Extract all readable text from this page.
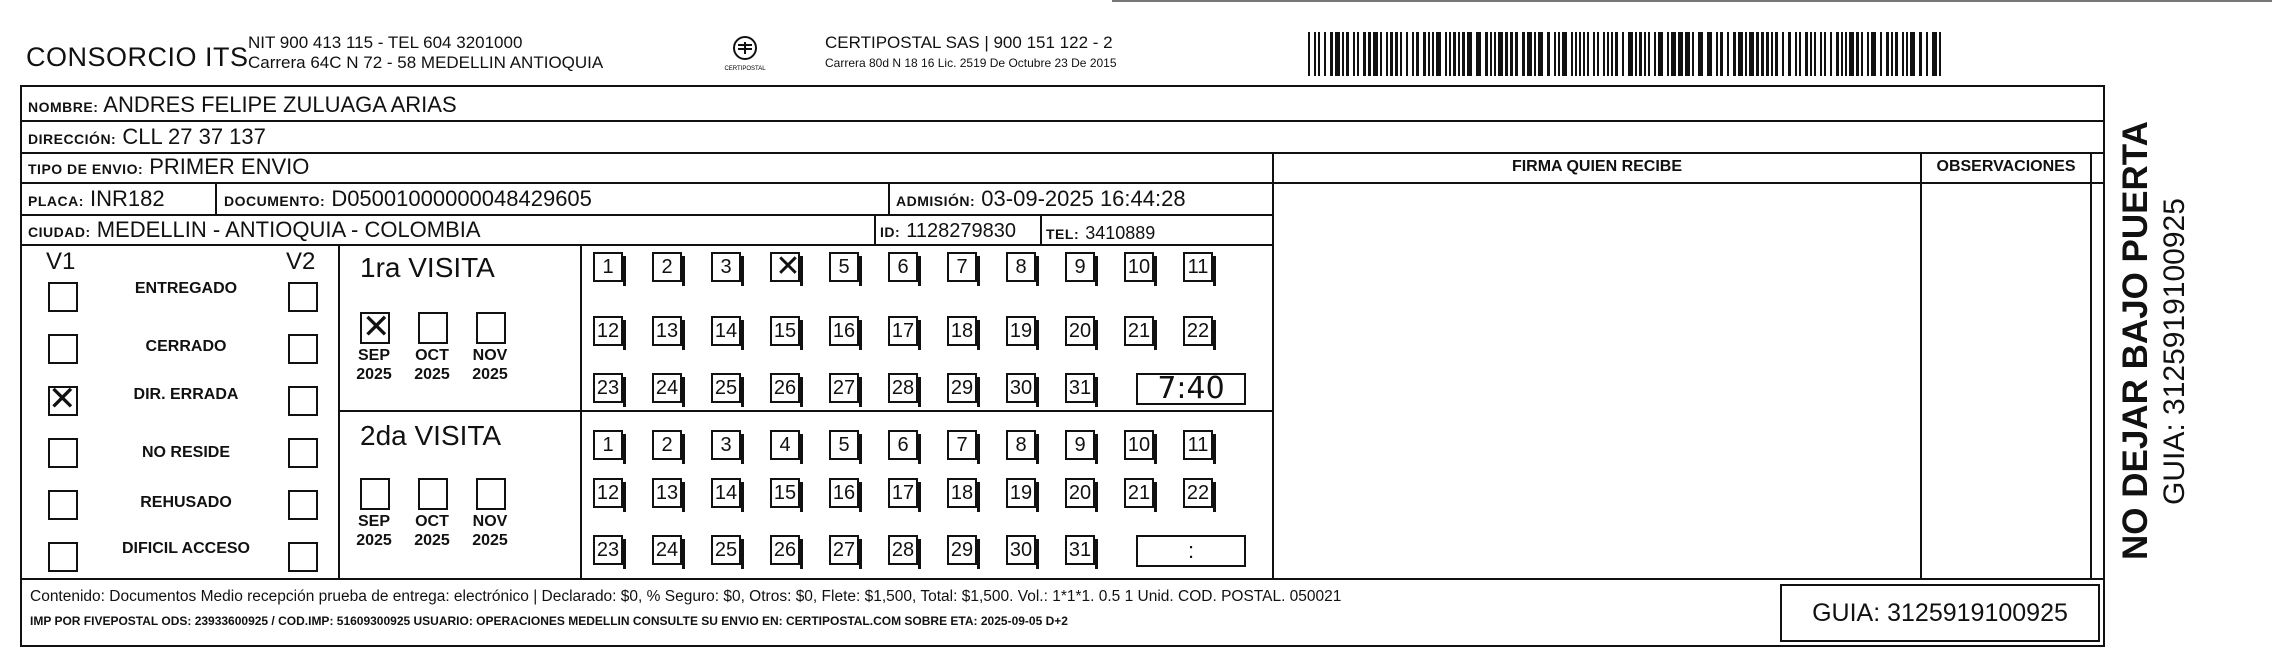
CONSORCIO ITS NIT 900 413 115 - TEL 604 3201000
Carrera 64C N 72 - 58 MEDELLIN ANTIOQUIA	CERTIPOSTAL
CERTIPOSTAL SAS | 900 151 122 - 2
Carrera 80d N 18 16 Lic. 2519 De Octubre 23 De 2015
NOMBRE: ANDRES FELIPE ZULUAGA ARIAS
DIRECCIÓN: CLL 27 37 137
TIPO DE ENVIO: PRIMER ENVIO	FIRMA QUIEN RECIBE	OBSERVACIONES
PLACA: INR182	DOCUMENTO: D05001000000048429605	ADMISIÓN: 03-09-2025 16:44:28
CIUDAD: MEDELLIN - ANTIOQUIA - COLOMBIA	ID: 1128279830 TEL: 3410889
V1	V2
ENTREGADO
CERRADO
✕	DIR. ERRADA
NO RESIDE
REHUSADO
DIFICIL ACCESO
1ra VISITA
2da VISITA
✕
SEP
2025
OCT
2025
NOV
2025
1	2	3
✕	5	6	7	8	9	10 11
12 13 14 15 16 17 18 19 20 21 22
23 24 25 26 27 28 29 30 31	7:40
SEP
2025
OCT
2025
NOV
2025
1	2	3	4	5	6	7	8	9	10 11
12 13 14 15 16 17 18 19 20 21 22
23 24 25 26 27 28 29 30 31	:
Contenido: Documentos Medio recepción prueba de entrega: electrónico | Declarado: $0, % Seguro: $0, Otros: $0, Flete: $1,500, Total: $1,500. Vol.: 1*1*1. 0.5 1 Unid. COD. POSTAL. 050021
IMP POR FIVEPOSTAL ODS: 23933600925 / COD.IMP: 51609300925 USUARIO: OPERACIONES MEDELLIN CONSULTE SU ENVIO EN: CERTIPOSTAL.COM SOBRE ETA: 2025-09-05 D+2	GUIA: 3125919100925
NO DEJAR BAJO PUERTA GUIA: 3125919100925
